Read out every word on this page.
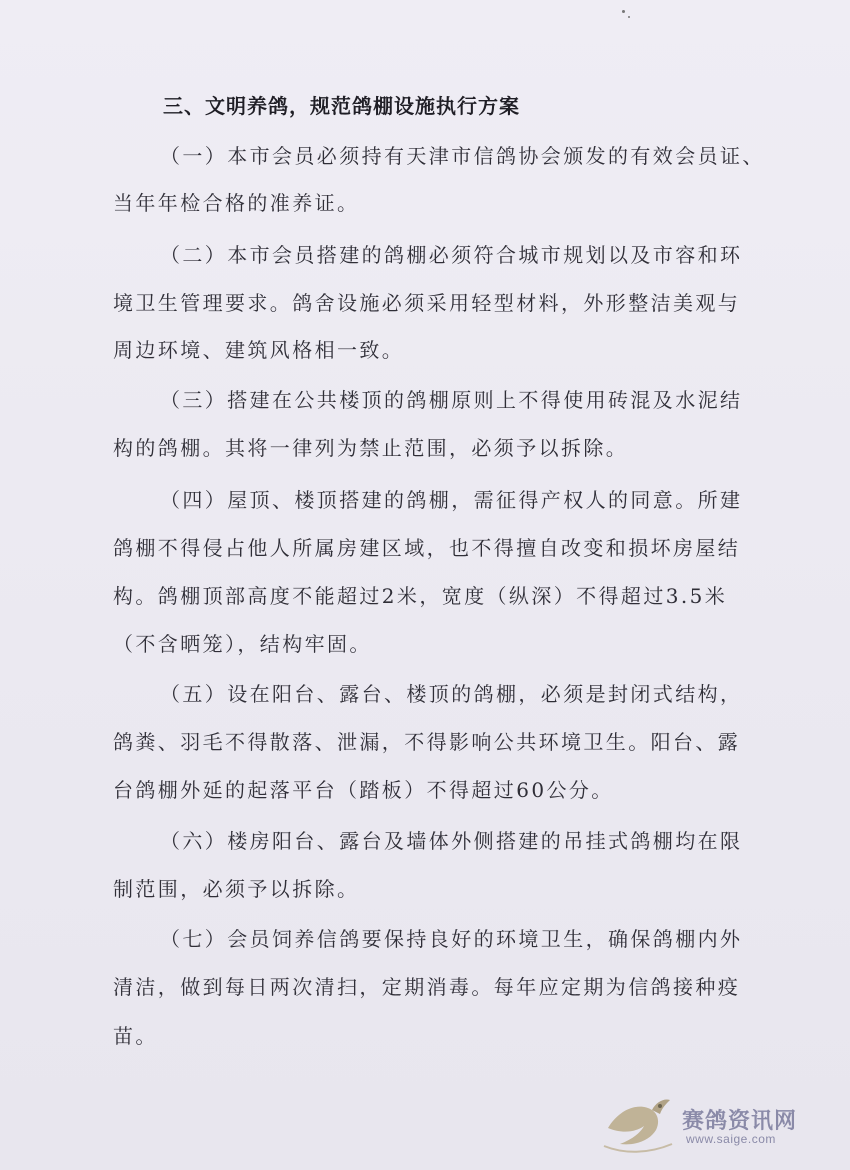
三、文明养鸽，规范鸽棚设施执行方案
（一）本市会员必须持有天津市信鸽协会颁发的有效会员证、
当年年检合格的准养证。
（二）本市会员搭建的鸽棚必须符合城市规划以及市容和环
境卫生管理要求。鸽舍设施必须采用轻型材料，外形整洁美观与
周边环境、建筑风格相一致。
（三）搭建在公共楼顶的鸽棚原则上不得使用砖混及水泥结
构的鸽棚。其将一律列为禁止范围，必须予以拆除。
（四）屋顶、楼顶搭建的鸽棚，需征得产权人的同意。所建
鸽棚不得侵占他人所属房建区域，也不得擅自改变和损坏房屋结
构。鸽棚顶部高度不能超过2米，宽度（纵深）不得超过3.5米
（不含晒笼），结构牢固。
（五）设在阳台、露台、楼顶的鸽棚，必须是封闭式结构，
鸽粪、羽毛不得散落、泄漏，不得影响公共环境卫生。阳台、露
台鸽棚外延的起落平台（踏板）不得超过60公分。
（六）楼房阳台、露台及墙体外侧搭建的吊挂式鸽棚均在限
制范围，必须予以拆除。
（七）会员饲养信鸽要保持良好的环境卫生，确保鸽棚内外
清洁，做到每日两次清扫，定期消毒。每年应定期为信鸽接种疫
苗。
赛鸽资讯网
www.saige.com
